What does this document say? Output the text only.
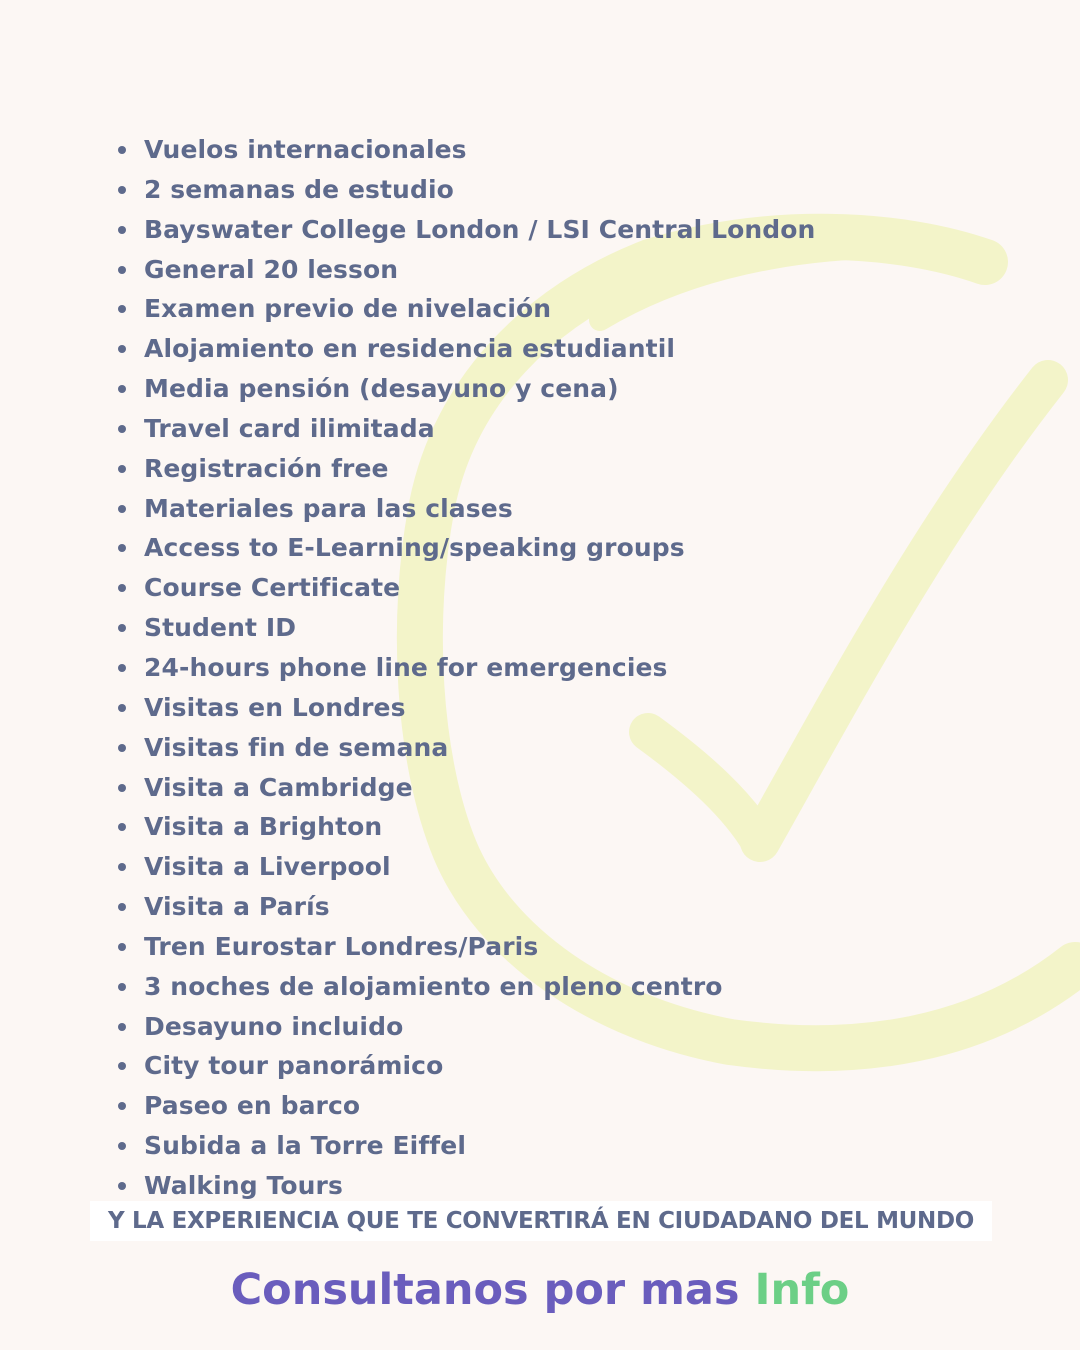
Vuelos internacionales
2 semanas de estudio
Bayswater College London / LSI Central London
General 20 lesson
Examen previo de nivelación
Alojamiento en residencia estudiantil
Media pensión (desayuno y cena)
Travel card ilimitada
Registración free
Materiales para las clases
Access to E-Learning/speaking groups
Course Certificate
Student ID
24-hours phone line for emergencies
Visitas en Londres
Visitas fin de semana
Visita a Cambridge
Visita a Brighton
Visita a Liverpool
Visita a París
Tren Eurostar Londres/Paris
3 noches de alojamiento en pleno centro
Desayuno incluido
City tour panorámico
Paseo en barco
Subida a la Torre Eiffel
Walking Tours
Y LA EXPERIENCIA QUE TE CONVERTIRÁ EN CIUDADANO DEL MUNDO
Consultanos por mas Info
